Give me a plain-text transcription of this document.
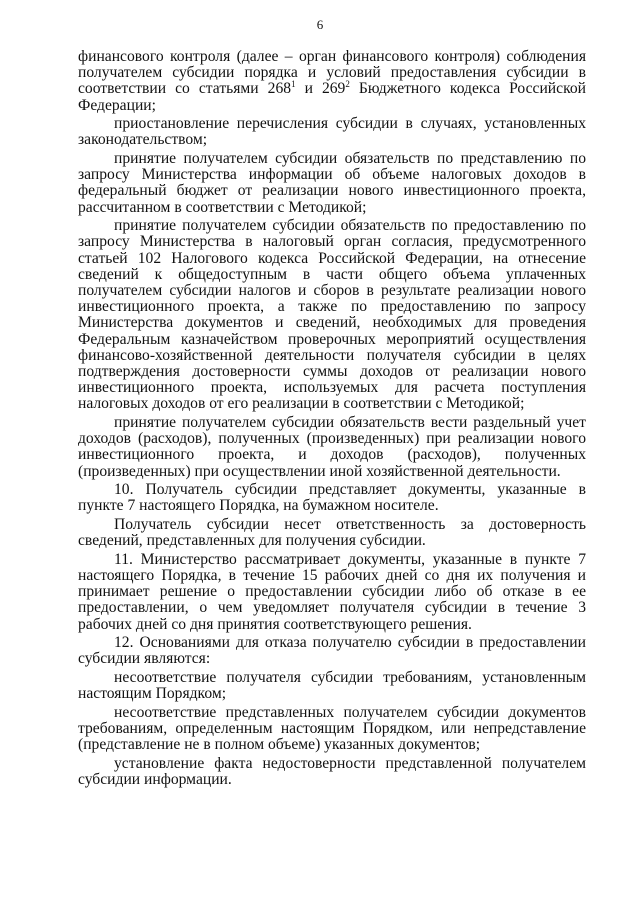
6

финансового контроля (далее – орган финансового контроля) соблюдения получателем субсидии порядка и условий предоставления субсидии в соответствии со статьями $268^1$ и $269^2$ Бюджетного кодекса Российской Федерации;

приостановление перечисления субсидии в случаях, установленных законодательством;

принятие получателем субсидии обязательств по представлению по запросу Министерства информации об объеме налоговых доходов в федеральный бюджет от реализации нового инвестиционного проекта, рассчитанном в соответствии с Методикой;

принятие получателем субсидии обязательств по предоставлению по запросу Министерства в налоговый орган согласия, предусмотренного статьей 102 Налогового кодекса Российской Федерации, на отнесение сведений к общедоступным в части общего объема уплаченных получателем субсидии налогов и сборов в результате реализации нового инвестиционного проекта, а также по предоставлению по запросу Министерства документов и сведений, необходимых для проведения Федеральным казначейством проверочных мероприятий осуществления финансово-хозяйственной деятельности получателя субсидии в целях подтверждения достоверности суммы доходов от реализации нового инвестиционного проекта, используемых для расчета поступления налоговых доходов от его реализации в соответствии с Методикой;

принятие получателем субсидии обязательств вести раздельный учет доходов (расходов), полученных (произведенных) при реализации нового инвестиционного проекта, и доходов (расходов), полученных (произведенных) при осуществлении иной хозяйственной деятельности.

10. Получатель субсидии представляет документы, указанные в пункте 7 настоящего Порядка, на бумажном носителе.

Получатель субсидии несет ответственность за достоверность сведений, представленных для получения субсидии.

11. Министерство рассматривает документы, указанные в пункте 7 настоящего Порядка, в течение 15 рабочих дней со дня их получения и принимает решение о предоставлении субсидии либо об отказе в ее предоставлении, о чем уведомляет получателя субсидии в течение 3 рабочих дней со дня принятия соответствующего решения.

12. Основаниями для отказа получателю субсидии в предоставлении субсидии являются:

несоответствие получателя субсидии требованиям, установленным настоящим Порядком;

несоответствие представленных получателем субсидии документов требованиям, определенным настоящим Порядком, или непредставление (представление не в полном объеме) указанных документов;

установление факта недостоверности представленной получателем субсидии информации.
